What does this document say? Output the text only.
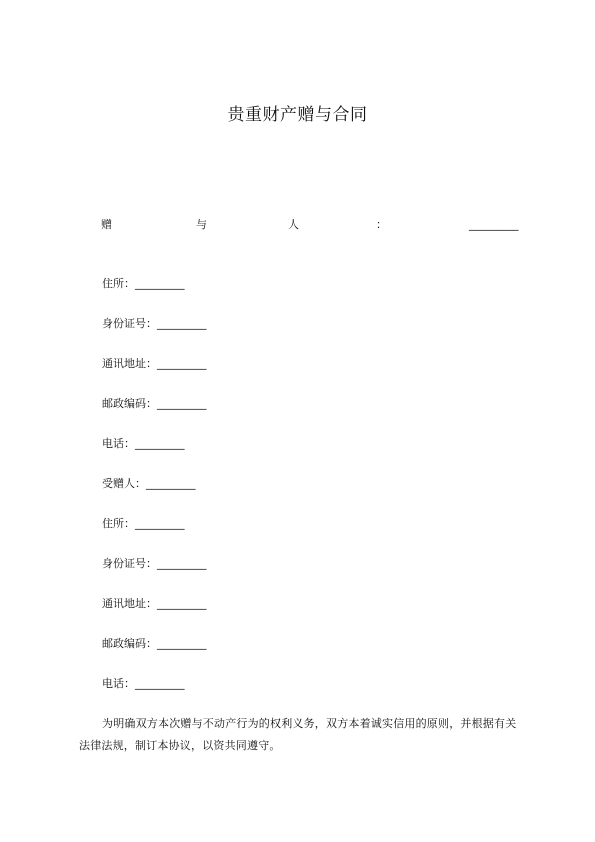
贵重财产赠与合同
赠	与	人	：	_________
住所：_________
身份证号：_________
通讯地址：_________
邮政编码：_________
电话：_________
受赠人：_________
住所：_________
身份证号：_________
通讯地址：_________
邮政编码：_________
电话：_________
为明确双方本次赠与不动产行为的权利义务，双方本着诚实信用的原则，并根据有关法律法规，制订本协议，以资共同遵守。
